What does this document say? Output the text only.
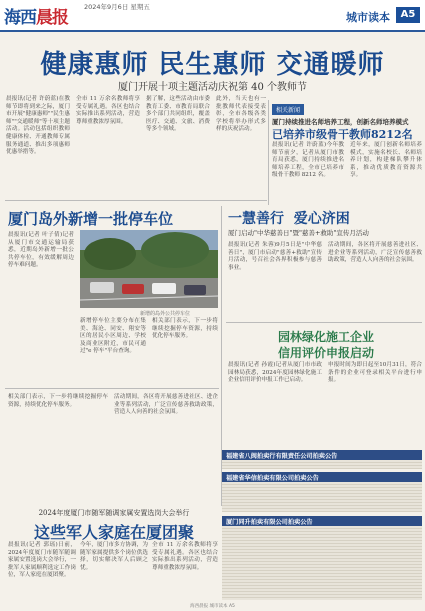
海西晨报
2024年9月6日 星期五
城市读本	A5
健康惠师 民生惠师 交通暖师
厦门开展十项主题活动庆祝第 40 个教师节
晨报讯(记者 许蔚蓝)在教师节即将到来之际，厦门市开展"健康惠师""民生惠师""交通暖师"等十项主题活动。活动包括组织教师健康体检、开通教师专属服务通道、推出多项惠师优惠举措等。
全市 11 万余名教师将享受专属礼遇。各区也结合实际推出系列活动，营造尊师重教浓厚氛围。
据了解，这些活动由市委教育工委、市教育局联合多个部门共同组织，覆盖医疗、交通、文旅、消费等多个领域。
此外，当天也有一批教师代表接受表彰，全市各级各类学校将举办形式多样的庆祝活动。
相关新闻
厦门持续推进名师培养工程，创新名师培养模式
已培养市级骨干教师8212名
晨报讯(记者 许蔚蓝)今年教师节前夕，记者从厦门市教育局获悉，厦门持续推进名师培养工程，全市已培养市级骨干教师 8212 名。
近年来，厦门创新名师培养模式，实施名校长、名师培养计划，构建梯队攀升体系，推动优质教育资源共享。
厦门岛外新增一批停车位
晨报讯(记者 叶子倩)记者从厦门市交通运输局获悉，近期岛外新增一批公共停车位，有效缓解周边停车难问题。
新增的岛外公共停车位
新增停车位主要分布在集美、海沧、同安、翔安等区的居民小区周边、学校及商业区附近，市民可通过"e 停车"平台查询。
相关部门表示，下一步将继续挖掘停车资源，持续优化停车服务。
一慧善行 爱心济困
厦门启动"中华慈善日"暨"慈善+救助"宣传月活动
晨报讯(记者 朱蓉)9月5日是"中华慈善日"，厦门市启动"慈善+救助"宣传月活动，号召社会各界积极参与慈善事业。
活动期间，各区将开展慈善进社区、进企业等系列活动，广泛宣传慈善救助政策，营造人人向善的社会氛围。
园林绿化施工企业
信用评价申报启动
晨报讯(记者 孙霞)记者从厦门市市政园林局获悉，2024年度园林绿化施工企业信用评价申报工作已启动。
申报时间为即日起至10月31日，符合条件的企业可登录相关平台进行申报。
2024年度厦门市随军随调家属安置选岗大会举行
这些军人家庭在厦团聚
相关部门表示，下一步将继续挖掘停车资源，持续优化停车服务。
活动期间，各区将开展慈善进社区、进企业等系列活动，广泛宣传慈善救助政策，营造人人向善的社会氛围。
晨报讯(记者 郭瑶)日前，2024年度厦门市随军随调家属安置选岗大会举行，一批军人家属顺利选定工作岗位，军人家庭在厦团聚。
今年，厦门市多方协调，为随军家属提供多个岗位供选择，切实解决军人后顾之忧。
全市 11 万余名教师将享受专属礼遇。各区也结合实际推出系列活动，营造尊师重教浓厚氛围。
福建省八闽拍卖行有限责任公司拍卖公告
福建省华信拍卖有限公司拍卖公告
厦门同升拍卖有限公司拍卖公告
海西晨报 城市读本 A5
